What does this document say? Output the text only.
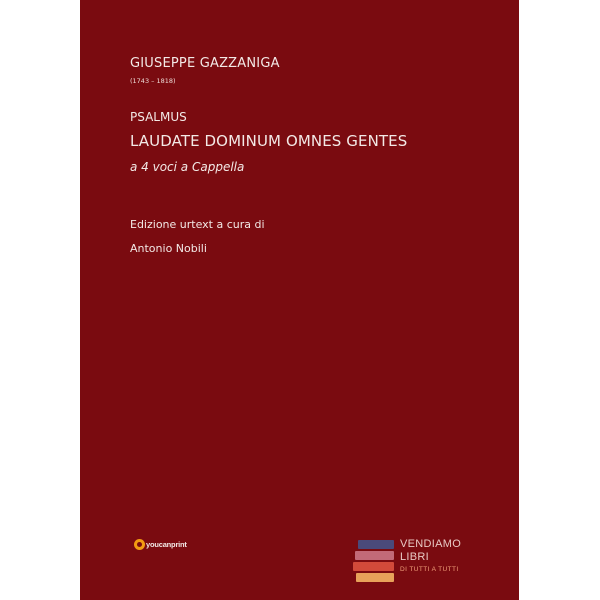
GIUSEPPE GAZZANIGA
(1743 – 1818)
PSALMUS
LAUDATE DOMINUM OMNES GENTES
a 4 voci a Cappella
Edizione urtext a cura di
Antonio Nobili
youcanprint	VENDIAMO
LIBRI
DI TUTTI A TUTTI
